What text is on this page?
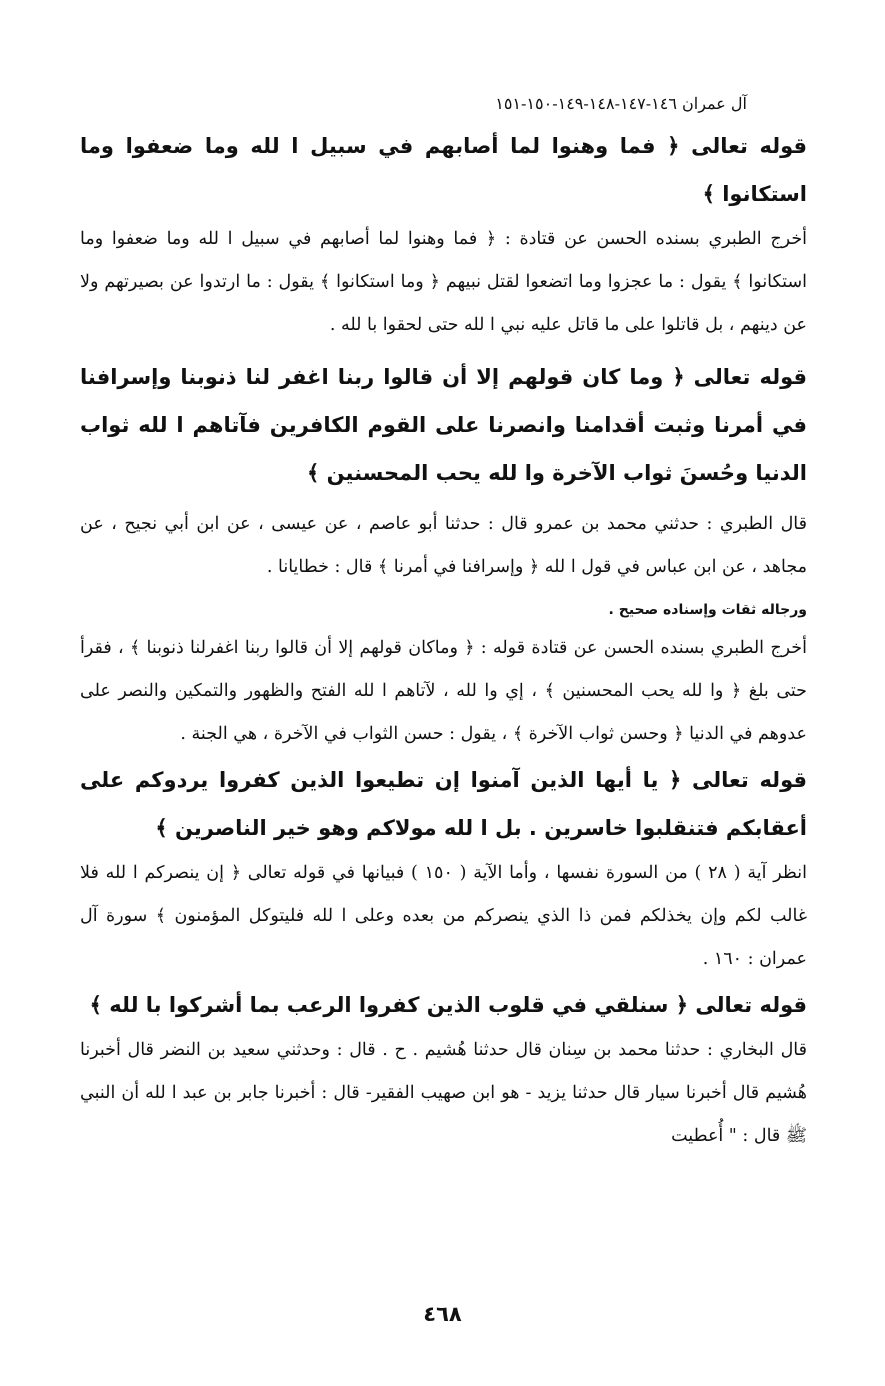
آل عمران ١٤٦-١٤٧-١٤٨-١٤٩-١٥٠-١٥١
قوله تعالى ﴿ فما وهنوا لما أصابهم في سبيل ا لله وما ضعفوا وما استكانوا ﴾

أخرج الطبري بسنده الحسن عن قتادة : ﴿ فما وهنوا لما أصابهم في سبيل ا لله وما ضعفوا وما استكانوا ﴾ يقول : ما عجزوا وما اتضعوا لقتل نبيهم ﴿ وما استكانوا ﴾ يقول : ما ارتدوا عن بصيرتهم ولا عن دينهم ، بل قاتلوا على ما قاتل عليه نبي ا لله حتى لحقوا با لله .

قوله تعالى ﴿ وما كان قولهم إلا أن قالوا ربنا اغفر لنا ذنوبنا وإسرافنا في أمرنا وثبت أقدامنا وانصرنا على القوم الكافرين فآتاهم ا لله ثواب الدنيا وحُسنَ ثواب الآخرة وا لله يحب المحسنين ﴾

قال الطبري : حدثني محمد بن عمرو قال : حدثنا أبو عاصم ، عن عيسى ، عن ابن أبي نجيح ، عن مجاهد ، عن ابن عباس في قول ا لله ﴿ وإسرافنا في أمرنا ﴾ قال : خطايانا .

ورجاله ثقات وإسناده صحيح .

أخرج الطبري بسنده الحسن عن قتادة قوله : ﴿ وماكان قولهم إلا أن قالوا ربنا اغفرلنا ذنوبنا ﴾ ، فقرأ حتى بلغ ﴿ وا لله يحب المحسنين ﴾ ، إي وا لله ، لآتاهم ا لله الفتح والظهور والتمكين والنصر على عدوهم في الدنيا ﴿ وحسن ثواب الآخرة ﴾ ، يقول : حسن الثواب في الآخرة ، هي الجنة .

قوله تعالى ﴿ يا أيها الذين آمنوا إن تطيعوا الذين كفروا يردوكم على أعقابكم فتنقلبوا خاسرين . بل ا لله مولاكم وهو خير الناصرين ﴾

انظر آية ( ٢٨ ) من السورة نفسها ، وأما الآية ( ١٥٠ ) فبيانها في قوله تعالى ﴿ إن ينصركم ا لله فلا غالب لكم وإن يخذلكم فمن ذا الذي ينصركم من بعده وعلى ا لله فليتوكل المؤمنون ﴾ سورة آل عمران : ١٦٠ .

قوله تعالى ﴿ سنلقي في قلوب الذين كفروا الرعب بما أشركوا با لله ﴾

قال البخاري : حدثنا محمد بن سِنان قال حدثنا هُشيم . ح . قال : وحدثني سعيد بن النضر قال أخبرنا هُشيم قال أخبرنا سيار قال حدثنا يزيد - هو ابن صهيب الفقير- قال : أخبرنا جابر بن عبد ا لله أن النبي ﷺ قال : " أُعطيت

٤٦٨
